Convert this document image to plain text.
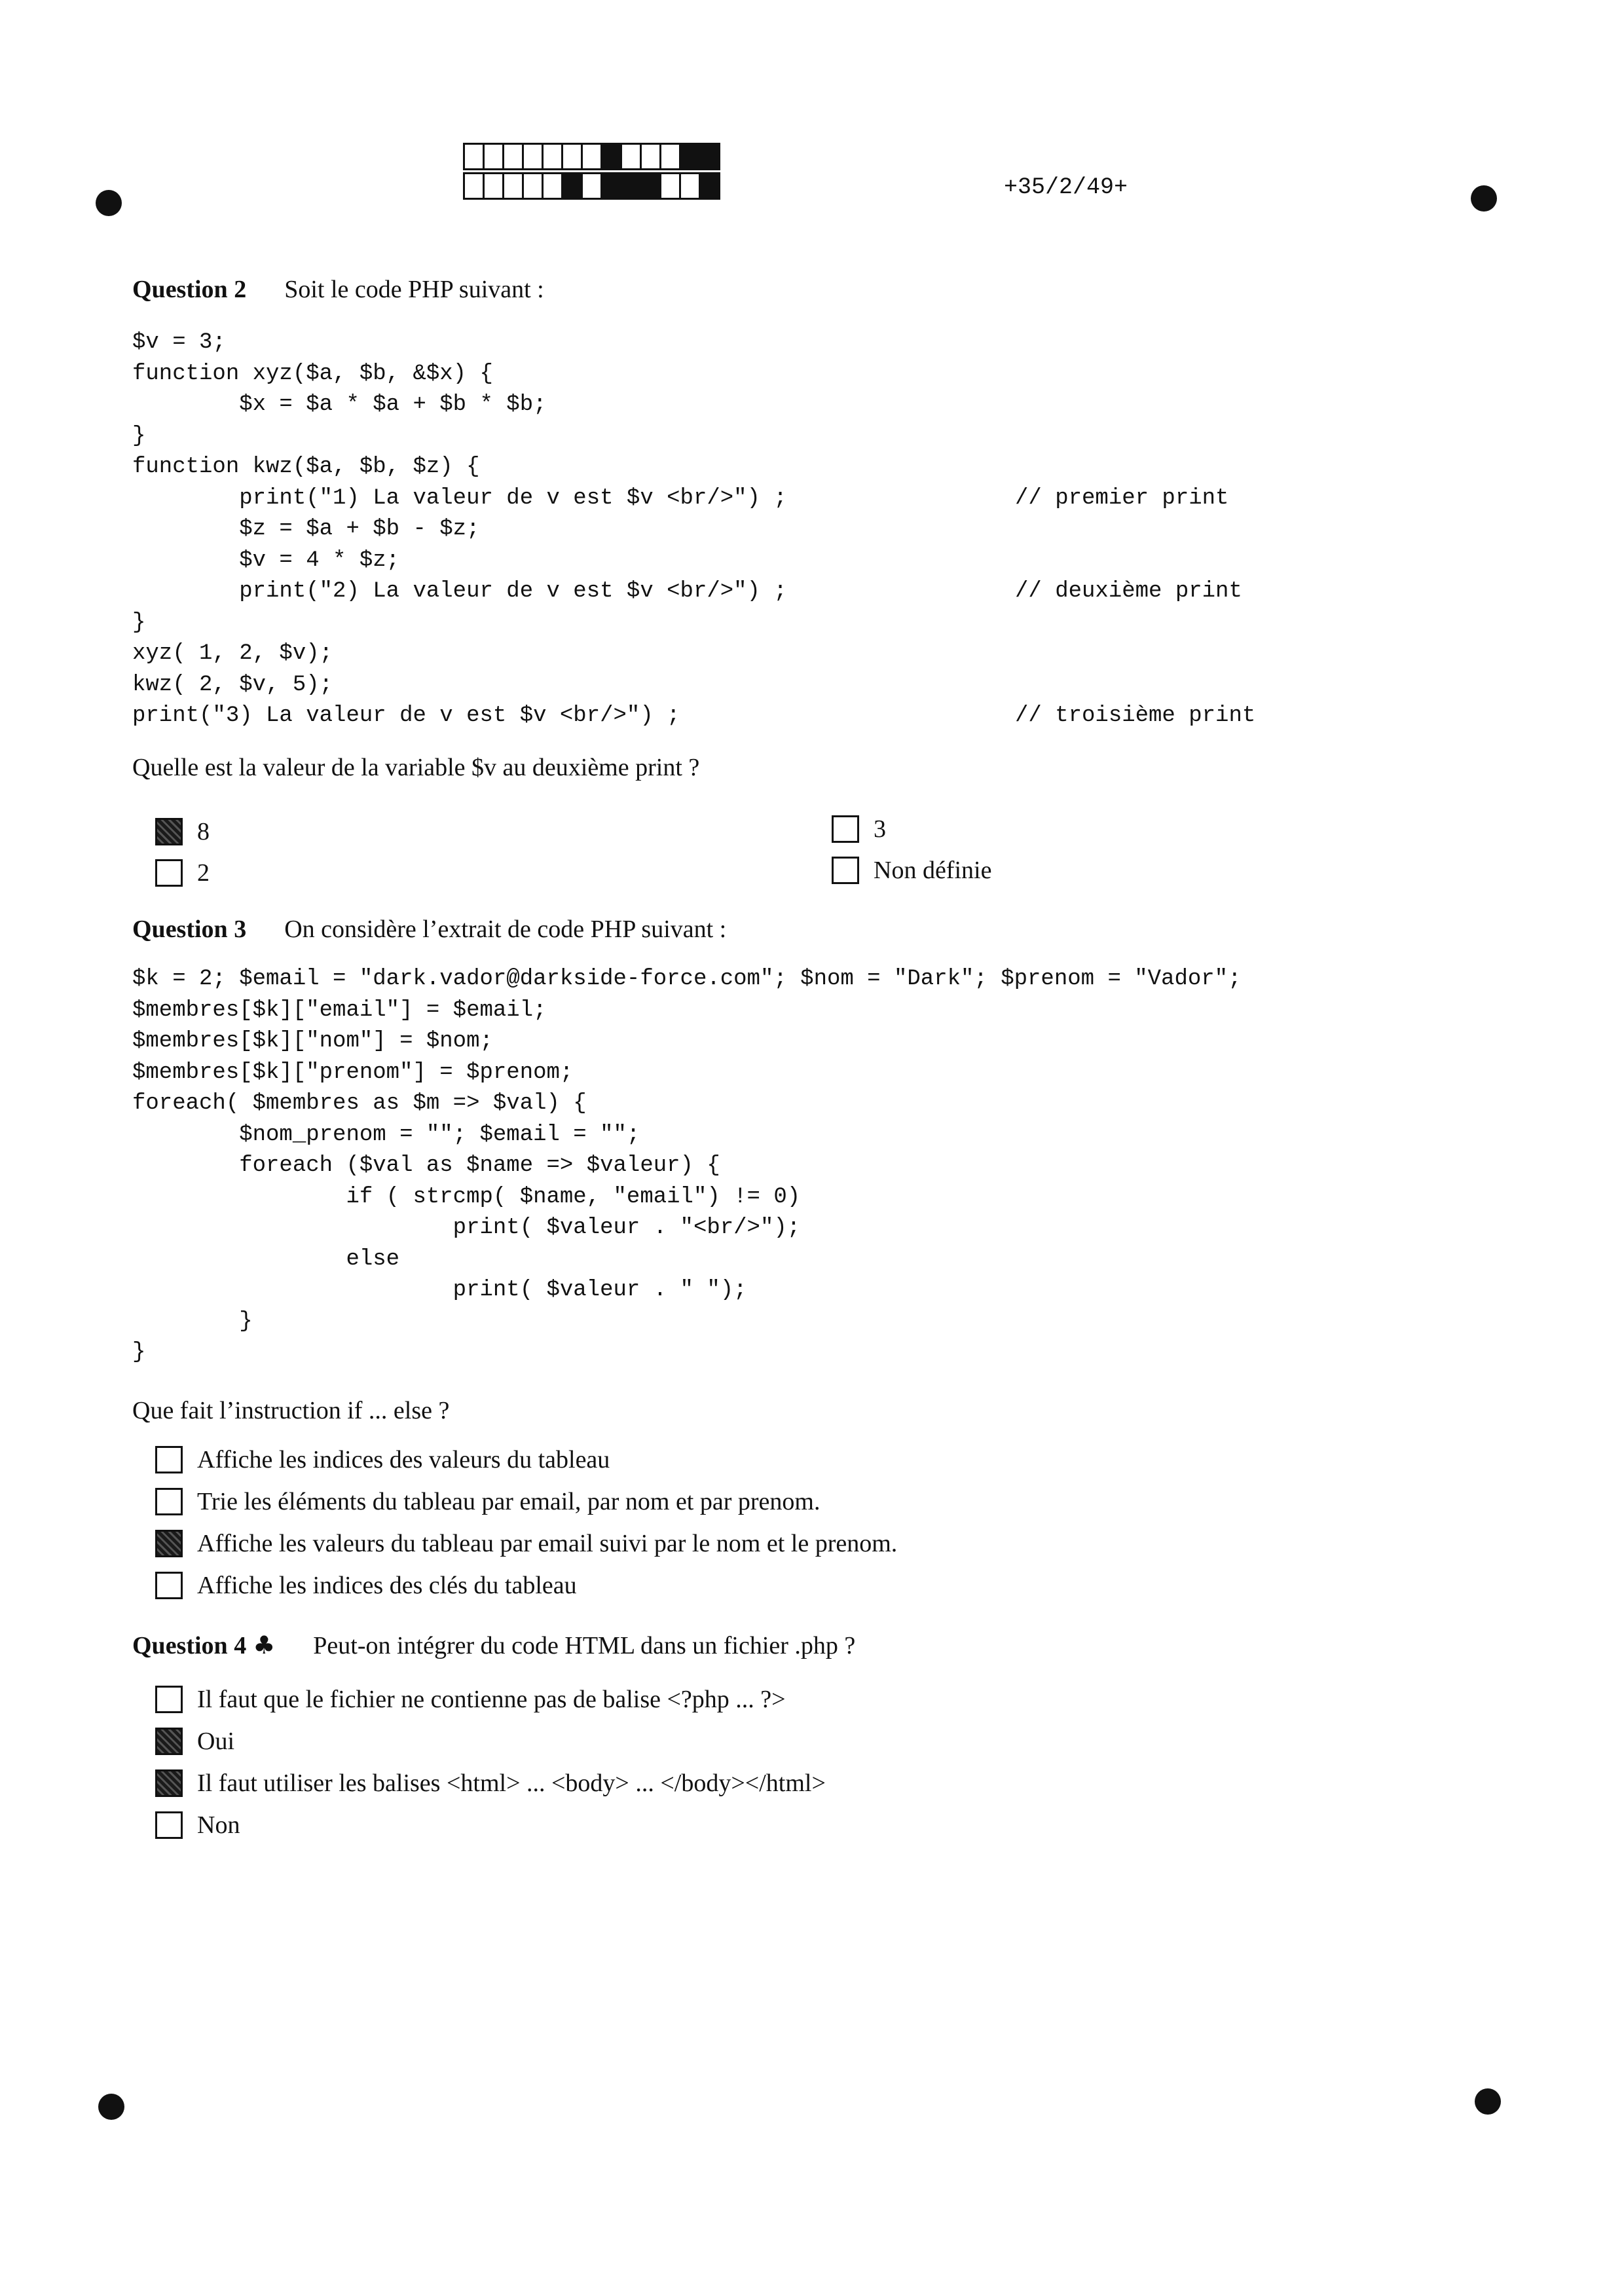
+35/2/49+
Question 2 Soit le code PHP suivant :
$v = 3;
function xyz($a, $b, &$x) {
$x = $a * $a + $b * $b;
}
function kwz($a, $b, $z) {
print("1) La valeur de v est $v <br/>") ;	// premier print
$z = $a + $b - $z;
$v = 4 * $z;
print("2) La valeur de v est $v <br/>") ;	// deuxième print
}
xyz( 1, 2, $v);
kwz( 2, $v, 5);
print("3) La valeur de v est $v <br/>") ;	// troisième print
Quelle est la valeur de la variable $v au deuxième print ?
8	3
2	Non définie
Question 3 On considère l’extrait de code PHP suivant :
$k = 2; $email = "dark.vador@darkside-force.com"; $nom = "Dark"; $prenom = "Vador";
$membres[$k]["email"] = $email;
$membres[$k]["nom"] = $nom;
$membres[$k]["prenom"] = $prenom;
foreach( $membres as $m => $val) {
$nom_prenom = ""; $email = "";
foreach ($val as $name => $valeur) {
if ( strcmp( $name, "email") != 0)
print( $valeur . "<br/>");
else
print( $valeur . " ");
}
}
Que fait l’instruction if ... else ?
Affiche les indices des valeurs du tableau
Trie les éléments du tableau par email, par nom et par prenom.
Affiche les valeurs du tableau par email suivi par le nom et le prenom.
Affiche les indices des clés du tableau
Question 4 ♣ Peut-on intégrer du code HTML dans un fichier .php ?
Il faut que le fichier ne contienne pas de balise <?php ... ?>
Oui
Il faut utiliser les balises <html> ... <body> ... </body></html>
Non
